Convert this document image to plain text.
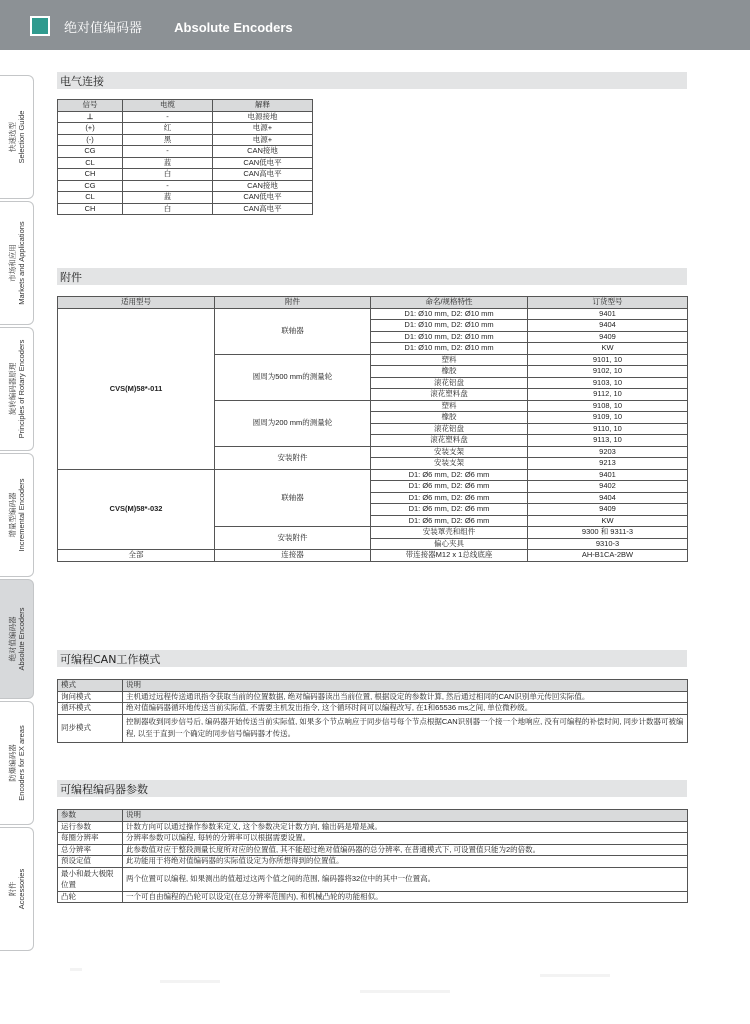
绝对值编码器 Absolute Encoders
快速选型
Selection Guide
市场和应用
Markets and Applications
旋转编码器原理
Principles of Rotary Encoders
增量型编码器
Incremental Encoders
绝对值编码器
Absolute Encoders
防爆编码器
Encoders for EX areas
附件
Accessories
电气连接
信号	电缆	解释
⊥	-	电源接地
(+)	红	电源+
(-)	黑	电源+
CG	-	CAN接地
CL	蓝	CAN低电平
CH	白	CAN高电平
CG	-	CAN接地
CL	蓝	CAN低电平
CH	白	CAN高电平
附件
适用型号	附件	命名/规格特性	订货型号
CVS(M)58*-011	联轴器	D1: Ø10 mm, D2: Ø10 mm	9401
		D1: Ø10 mm, D2: Ø10 mm	9404
		D1: Ø10 mm, D2: Ø10 mm	9409
		D1: Ø10 mm, D2: Ø10 mm	KW
	圆周为500 mm的测量轮	塑料	9101, 10
		橡胶	9102, 10
		滚花铝盘	9103, 10
		滚花塑料盘	9112, 10
	圆周为200 mm的测量轮	塑料	9108, 10
		橡胶	9109, 10
		滚花铝盘	9110, 10
		滚花塑料盘	9113, 10
	安装附件	安装支架	9203
		安装支架	9213
CVS(M)58*-032	联轴器	D1: Ø6 mm, D2: Ø6 mm	9401
		D1: Ø6 mm, D2: Ø6 mm	9402
		D1: Ø6 mm, D2: Ø6 mm	9404
		D1: Ø6 mm, D2: Ø6 mm	9409
		D1: Ø6 mm, D2: Ø6 mm	KW
	安装附件	安装罩壳和组件	9300 和 9311-3
		偏心夹具	9310-3
全部	连接器	带连接器M12 x 1总线底座	AH-B1CA-2BW
可编程CAN工作模式
模式	说明
询问模式	主机通过远程传送通讯指令获取当前的位置数据, 绝对编码器读出当前位置, 根据设定的参数计算, 然后通过相同的CAN识别单元传回实际值。
循环模式	绝对值编码器循环地传送当前实际值, 不需要主机发出指令, 这个循环时间可以编程改写, 在1和65536 ms之间, 单位微秒级。
同步模式	控制器收到同步信号后, 编码器开始传送当前实际值, 如果多个节点响应于同步信号每个节点根据CAN识别器一个接一个地响应, 没有可编程的补偿时间, 同步计数器可被编程, 以至于直到一个确定的同步信号编码器才传送。
可编程编码器参数
参数	说明
运行参数	计数方向可以通过操作参数来定义, 这个参数决定计数方向, 输出码是增是减。
每圈分辨率	分辨率参数可以编程, 每转的分辨率可以根据需要设置。
总分辨率	此参数值对应于整段测量长度所对应的位置值, 其不能超过绝对值编码器的总分辨率, 在普通模式下, 可设置值只能为2的倍数。
预设定值	此功能用于将绝对值编码器的实际值设定为你所想得到的位置值。
最小和最大极限位置	两个位置可以编程, 如果测出的值超过这两个值之间的范围, 编码器将32位中的其中一位置高。
凸轮	一个可自由编程的凸轮可以设定(在总分辨率范围内), 和机械凸轮的功能相似。
